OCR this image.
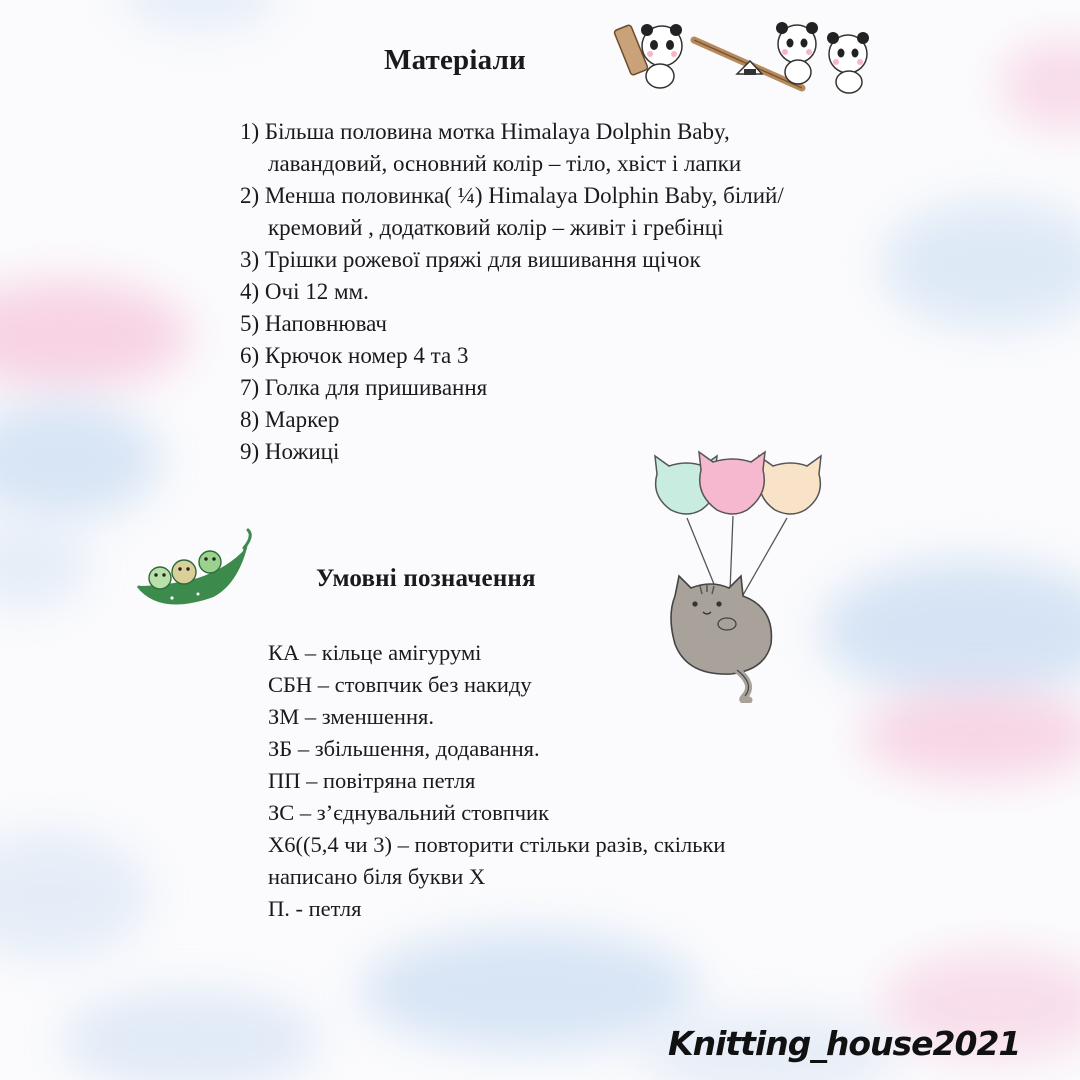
Матеріали
1) Більша половина мотка Himalaya Dolphin Baby,
лавандовий, основний колір – тіло, хвіст і лапки
2) Менша половинка( ¼) Himalaya Dolphin Baby, білий/
кремовий , додатковий колір – живіт і гребінці
3) Трішки рожевої пряжі для вишивання щічок
4) Очі 12 мм.
5) Наповнювач
6) Крючок номер 4 та 3
7) Голка для пришивання
8) Маркер
9) Ножиці
Умовні позначення
КА – кільце амігурумі
СБН – стовпчик без накиду
ЗМ – зменшення.
ЗБ – збільшення, додавання.
ПП – повітряна петля
ЗС – з’єднувальний стовпчик
X6((5,4 чи 3) – повторити стільки разів, скільки
написано біля букви X
П. - петля
Knitting_house2021
